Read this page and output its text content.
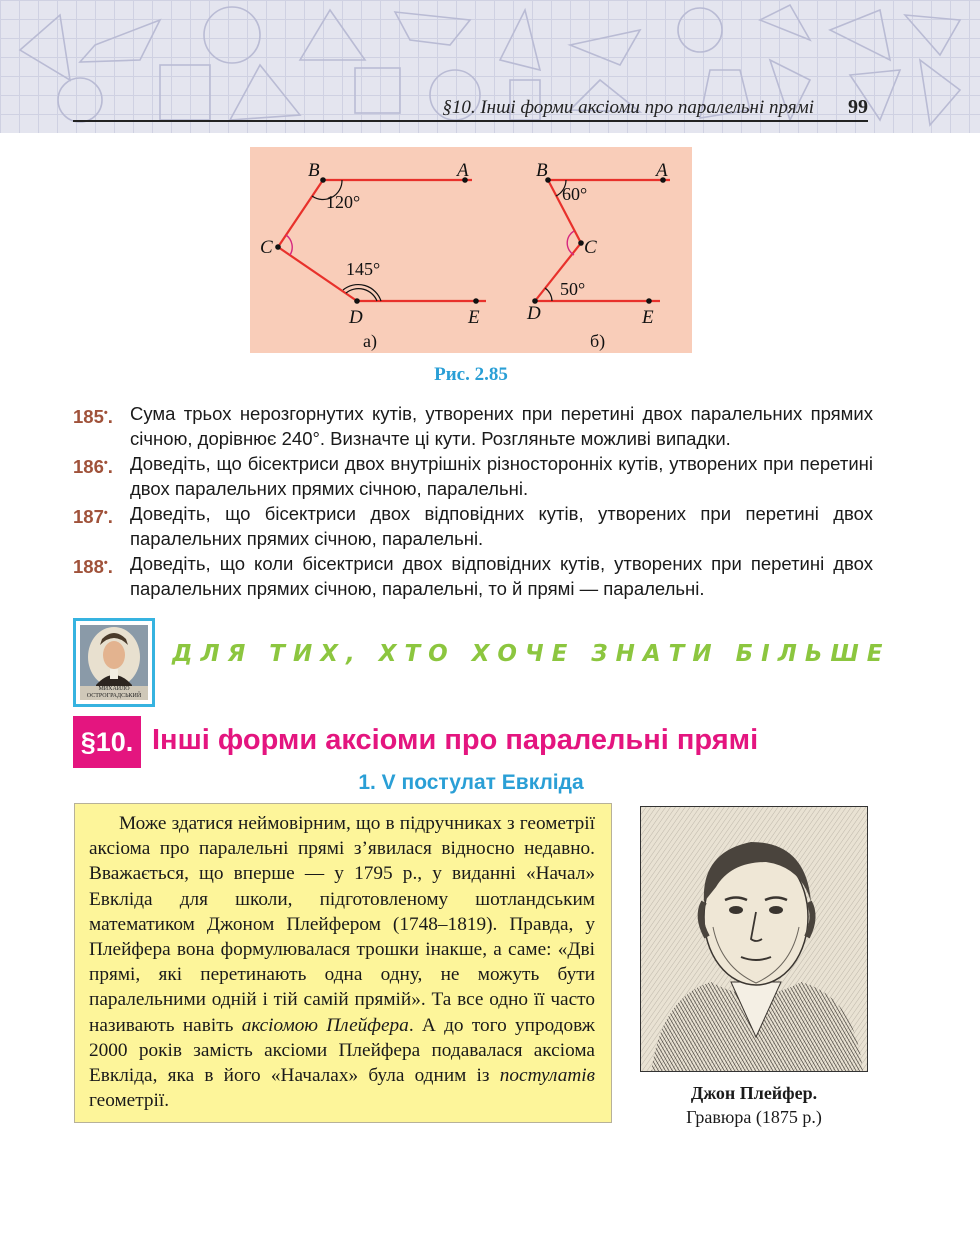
§10. Інші форми аксіоми про паралельні прямі 99
B	A
C
D	E
B	A
C
D	E
120°
145°
60°
50°
а)	б)
Рис. 2.85
185•. Сума трьох нерозгорнутих кутів, утворених при перетині двох паралельних прямих січною, дорівнює 240°. Визначте ці кути. Розгляньте можливі випадки.
186•. Доведіть, що бісектриси двох внутрішніх різносторонніх кутів, утворених при перетині двох паралельних прямих січною, паралельні.
187•. Доведіть, що бісектриси двох відповідних кутів, утворених при перетині двох паралельних прямих січною, паралельні.
188•. Доведіть, що коли бісектриси двох відповідних кутів, утворених при перетині двох паралельних прямих січною, паралельні, то й прямі — паралельні.
МИХАЙЛО
ОСТРОГРАДСЬКИЙ
ДЛЯ ТИХ, ХТО ХОЧЕ ЗНАТИ БІЛЬШЕ
§10. Інші форми аксіоми про паралельні прямі
1. V постулат Евкліда

Може здатися неймовірним, що в підручниках з геометрії аксіома про паралельні прямі з’явилася відносно недавно. Вважається, що вперше — у 1795 р., у виданні «Начал» Евкліда для школи, підготовленому шотландським математиком Джоном Плейфером (1748–1819). Правда, у Плейфера вона формулювалася трошки інакше, а саме: «Дві прямі, які перетинають одна одну, не можуть бути паралельними одній і тій самій прямій». Та все одно її часто називають навіть аксіомою Плейфера. А до того упродовж 2000 років замість аксіоми Плейфера подавалася аксіома Евкліда, яка в його «Началах» була одним із постулатів геометрії.	Джон Плейфер.
Гравюра (1875 р.)
